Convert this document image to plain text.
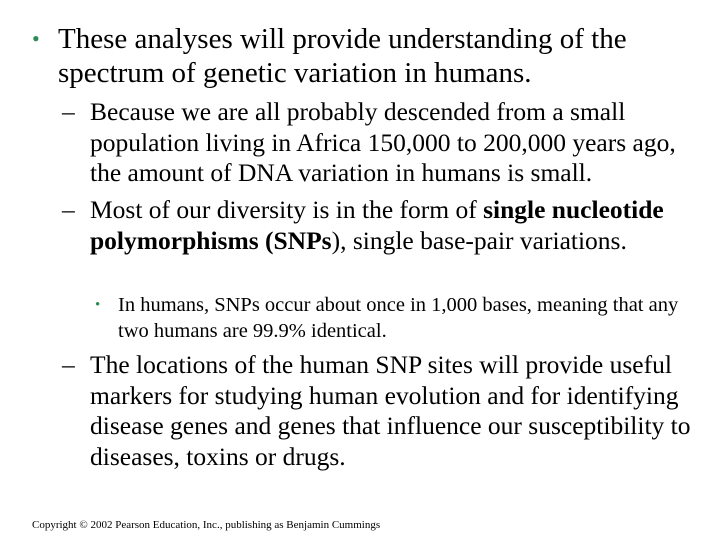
• These analyses will provide understanding of the spectrum of genetic variation in humans.
– Because we are all probably descended from a small population living in Africa 150,000 to 200,000 years ago, the amount of DNA variation in humans is small.
– Most of our diversity is in the form of single nucleotide polymorphisms (SNPs), single base-pair variations.
• In humans, SNPs occur about once in 1,000 bases, meaning that any two humans are 99.9% identical.
– The locations of the human SNP sites will provide useful markers for studying human evolution and for identifying disease genes and genes that influence our susceptibility to diseases, toxins or drugs.
Copyright © 2002 Pearson Education, Inc., publishing as Benjamin Cummings
